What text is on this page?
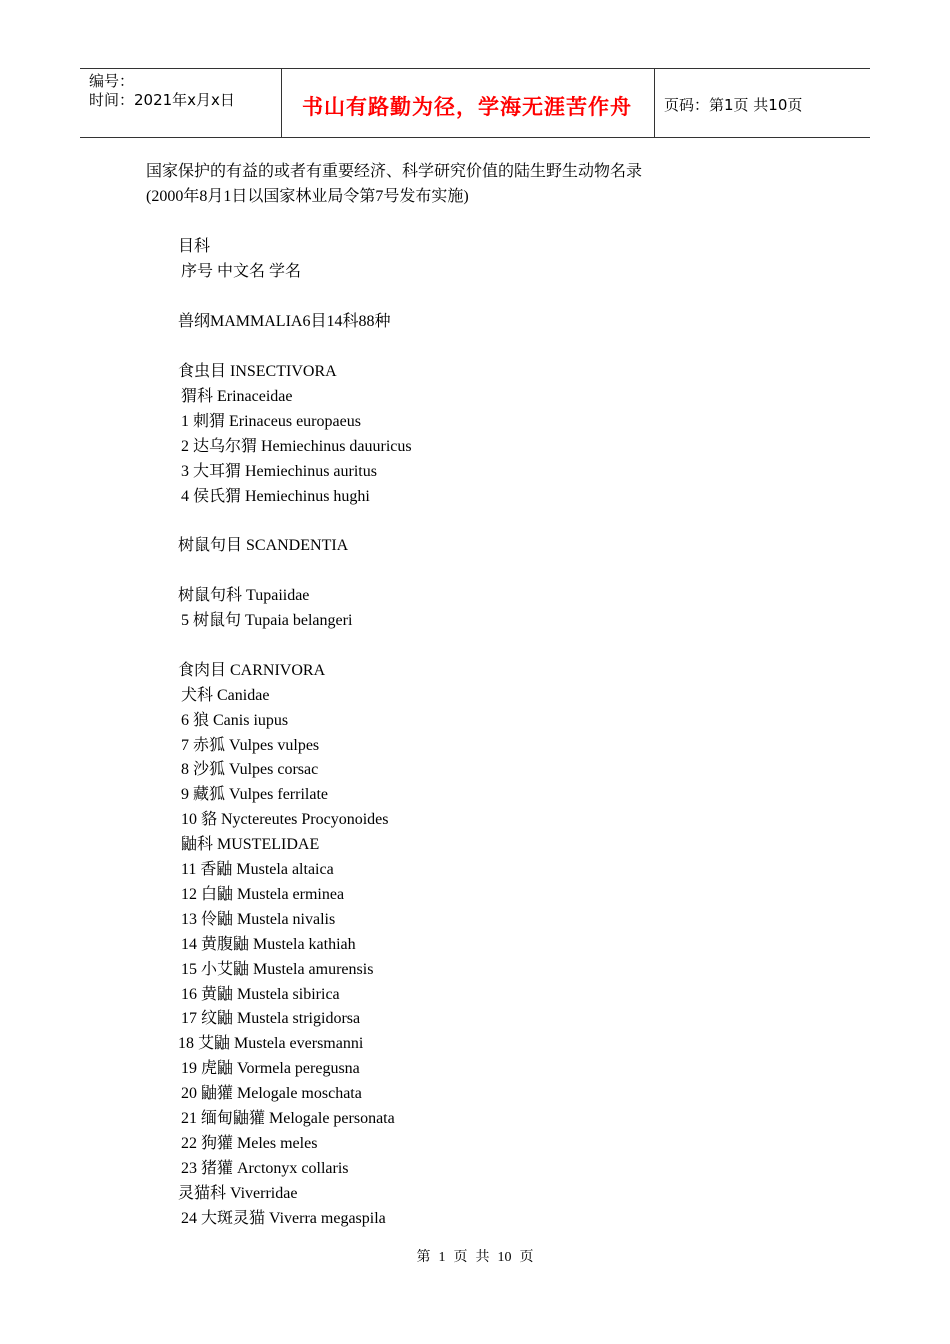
编号：
时间：2021年x月x日	书山有路勤为径，学海无涯苦作舟 页码：第1页 共10页
国家保护的有益的或者有重要经济、科学研究价值的陆生野生动物名录
(2000年8月1日以国家林业局令第7号发布实施)
目科
序号 中文名 学名
兽纲MAMMALIA6目14科88种
食虫目 INSECTIVORA
猬科 Erinaceidae
1 刺猬 Erinaceus europaeus
2 达乌尔猬 Hemiechinus dauuricus
3 大耳猬 Hemiechinus auritus
4 侯氏猬 Hemiechinus hughi
树鼠句目 SCANDENTIA
树鼠句科 Tupaiidae
5 树鼠句 Tupaia belangeri
食肉目 CARNIVORA
犬科 Canidae
6 狼 Canis iupus
7 赤狐 Vulpes vulpes
8 沙狐 Vulpes corsac
9 藏狐 Vulpes ferrilate
10 貉 Nyctereutes Procyonoides
鼬科 MUSTELIDAE
11 香鼬 Mustela altaica
12 白鼬 Mustela erminea
13 伶鼬 Mustela nivalis
14 黄腹鼬 Mustela kathiah
15 小艾鼬 Mustela amurensis
16 黄鼬 Mustela sibirica
17 纹鼬 Mustela strigidorsa
18 艾鼬 Mustela eversmanni
19 虎鼬 Vormela peregusna
20 鼬獾 Melogale moschata
21 缅甸鼬獾 Melogale personata
22 狗獾 Meles meles
23 猪獾 Arctonyx collaris
灵猫科 Viverridae
24 大斑灵猫 Viverra megaspila
第 1 页 共 10 页
